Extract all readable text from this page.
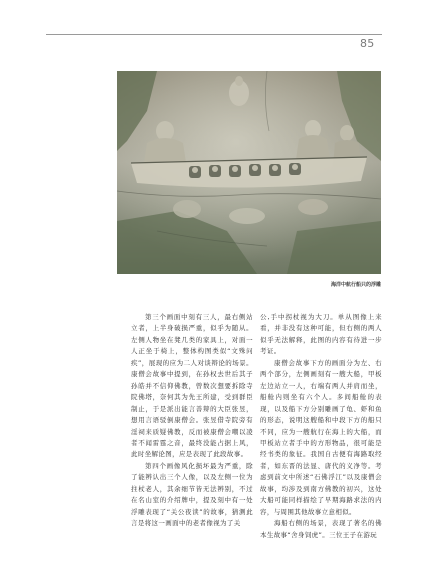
85
海洋中航行船只的浮雕

第三个画面中刻有三人，最右侧站立者，上半身破损严重，似乎为随从。左侧人物坐在凳几类的家具上，对面一人正坐于椅上，整体构图类似“文殊问疾”，展现的应为二人对谈辩论的场景。康僧会故事中提到，在孙权去世后其子孙皓并不信仰佛教，曾数次想要拆除寺院佛塔，奈何其为先王所建，受到群臣制止，于是派出能言善辩的大臣张昱，想用言语驳倒康僧会。张昱借寺院旁有淫祠来质疑佛教，反而被康僧会嘲以凌者不闻雷霆之音，最终没能占据上风，此时坐解论图，应是表现了此段故事。

第四个画像风化损坏最为严重，除了能辨认出三个人像，以及左侧一位为拄杖老人，其余细节皆无法辨别，不过在名山室的介绍牌中，提及刻中有一处浮雕表现了“关公夜读”的故事，猜测此言是将这一画面中的老者像视为了关

公,手中拐杖视为大刀。单从图像上来看，并非没有这种可能，但右侧的两人似乎无法解释，此图的内容有待进一步考证。

康僧会故事下方的画面分为左、右两个部分，左侧画刻有一艘大船，甲板左边站立一人，右端有两人并肩而坐，船舱内则坐有六个人。多间船舱的表现，以及船下方分别雕画了龟、虾和鱼的形态，说明这艘船和中段下方的船只不同，应为一艘航行在海上的大船，而甲板站立者手中的方形物品，很可能是经书类的象征。我国自古便有海路取经者，如东晋的法显、唐代的义净等。考虑到前文中所述“石佛浮江”以及康僧会故事，均涉及到南方佛教的初兴，这处大船可能同样描绘了早期海路求法的内容，与周围其他故事立意相似。

海船右侧的场景，表现了著名的佛本生故事“舍身饲虎”。三位王子在游玩
